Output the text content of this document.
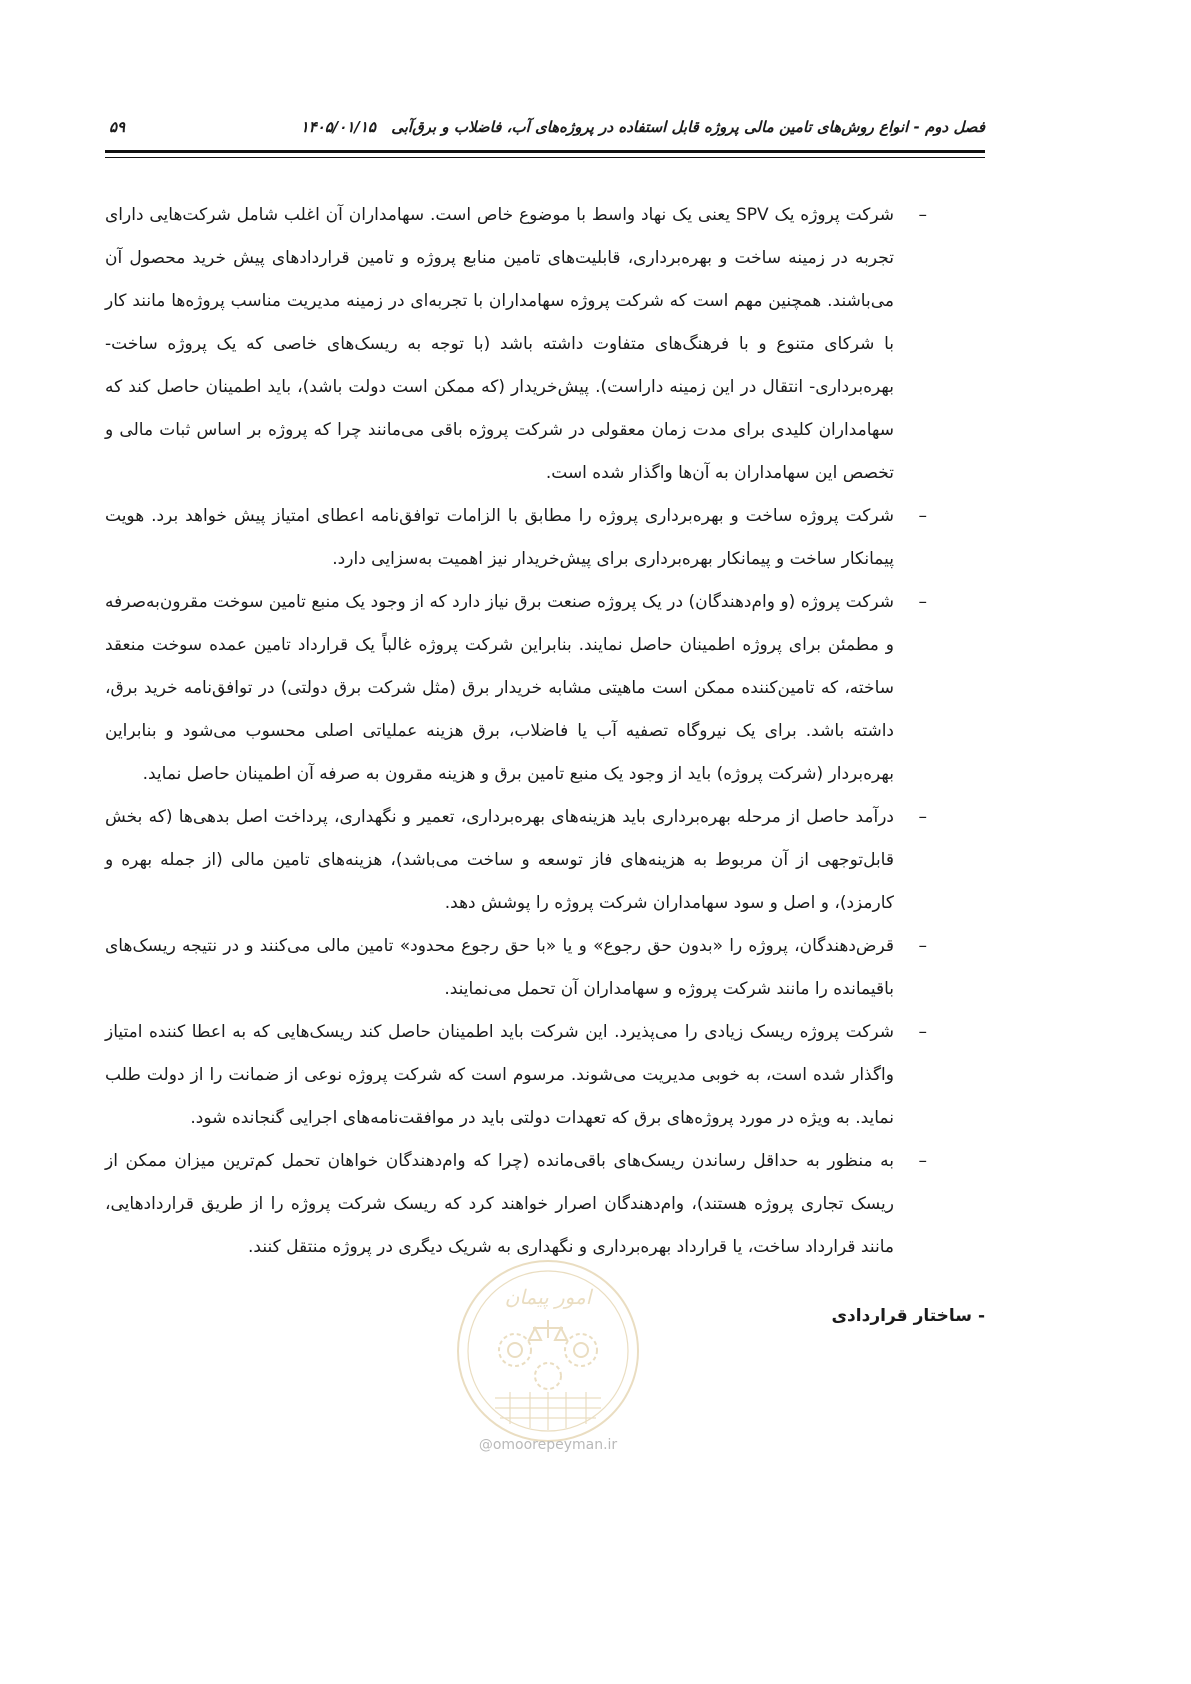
فصل دوم - انواع روش‌های تامین مالی پروژه قابل استفاده در پروژه‌های آب، فاضلاب و برق‌آبی ۱۴۰۵/۰۱/۱۵
۵۹
امور پیمان
@omoorepeyman.ir
–
شرکت پروژه یک SPV یعنی یک نهاد واسط با موضوع خاص است. سهامداران آن اغلب شامل شرکت‌هایی دارای تجربه در زمینه ساخت و بهره‌برداری، قابلیت‌های تامین منابع پروژه و تامین قراردادهای پیش خرید محصول آن می‌باشند. همچنین مهم است که شرکت پروژه سهامداران با تجربه‌ای در زمینه مدیریت مناسب پروژه‌ها مانند کار با شرکای متنوع و با فرهنگ‌های متفاوت داشته باشد (با توجه به ریسک‌های خاصی که یک پروژه ساخت- بهره‌برداری- انتقال در این زمینه داراست). پیش‌خریدار (که ممکن است دولت باشد)، باید اطمینان حاصل کند که سهامداران کلیدی برای مدت زمان معقولی در شرکت پروژه باقی می‌مانند چرا که پروژه بر اساس ثبات مالی و تخصص این سهامداران به آن‌ها واگذار شده است.
–
شرکت پروژه ساخت و بهره‌برداری پروژه را مطابق با الزامات توافق‌نامه اعطای امتیاز پیش خواهد برد. هویت پیمانکار ساخت و پیمانکار بهره‌برداری برای پیش‌خریدار نیز اهمیت به‌سزایی دارد.
–
شرکت پروژه (و وام‌دهندگان) در یک پروژه صنعت برق نیاز دارد که از وجود یک منبع تامین سوخت مقرون‌به‌صرفه و مطمئن برای پروژه اطمینان حاصل نمایند. بنابراین شرکت پروژه غالباً یک قرارداد تامین عمده سوخت منعقد ساخته، که تامین‌کننده ممکن است ماهیتی مشابه خریدار برق (مثل شرکت برق دولتی) در توافق‌نامه خرید برق، داشته باشد. برای یک نیروگاه تصفیه آب یا فاضلاب، برق هزینه عملیاتی اصلی محسوب می‌شود و بنابراین بهره‌بردار (شرکت پروژه) باید از وجود یک منبع تامین برق و هزینه مقرون به صرفه آن اطمینان حاصل نماید.
–
درآمد حاصل از مرحله بهره‌برداری باید هزینه‌های بهره‌برداری، تعمیر و نگهداری، پرداخت اصل بدهی‌ها (که بخش قابل‌توجهی از آن مربوط به هزینه‌های فاز توسعه و ساخت می‌باشد)، هزینه‌های تامین مالی (از جمله بهره و کارمزد)، و اصل و سود سهامداران شرکت پروژه را پوشش دهد.
–
قرض‌دهندگان، پروژه را «بدون حق رجوع» و یا «با حق رجوع محدود» تامین مالی می‌کنند و در نتیجه ریسک‌های باقیمانده را مانند شرکت پروژه و سهامداران آن تحمل می‌نمایند.
–
شرکت پروژه ریسک زیادی را می‌پذیرد. این شرکت باید اطمینان حاصل کند ریسک‌هایی که به اعطا کننده امتیاز واگذار شده است، به خوبی مدیریت می‌شوند. مرسوم است که شرکت پروژه نوعی از ضمانت را از دولت طلب نماید. به ویژه در مورد پروژه‌های برق که تعهدات دولتی باید در موافقت‌نامه‌های اجرایی گنجانده شود.
–
به منظور به حداقل رساندن ریسک‌های باقی‌مانده (چرا که وام‌دهندگان خواهان تحمل کم‌ترین میزان ممکن از ریسک تجاری پروژه هستند)، وام‌دهندگان اصرار خواهند کرد که ریسک شرکت پروژه را از طریق قراردادهایی، مانند قرارداد ساخت، یا قرارداد بهره‌برداری و نگهداری به شریک دیگری در پروژه منتقل کنند.
- ساختار قراردادی
